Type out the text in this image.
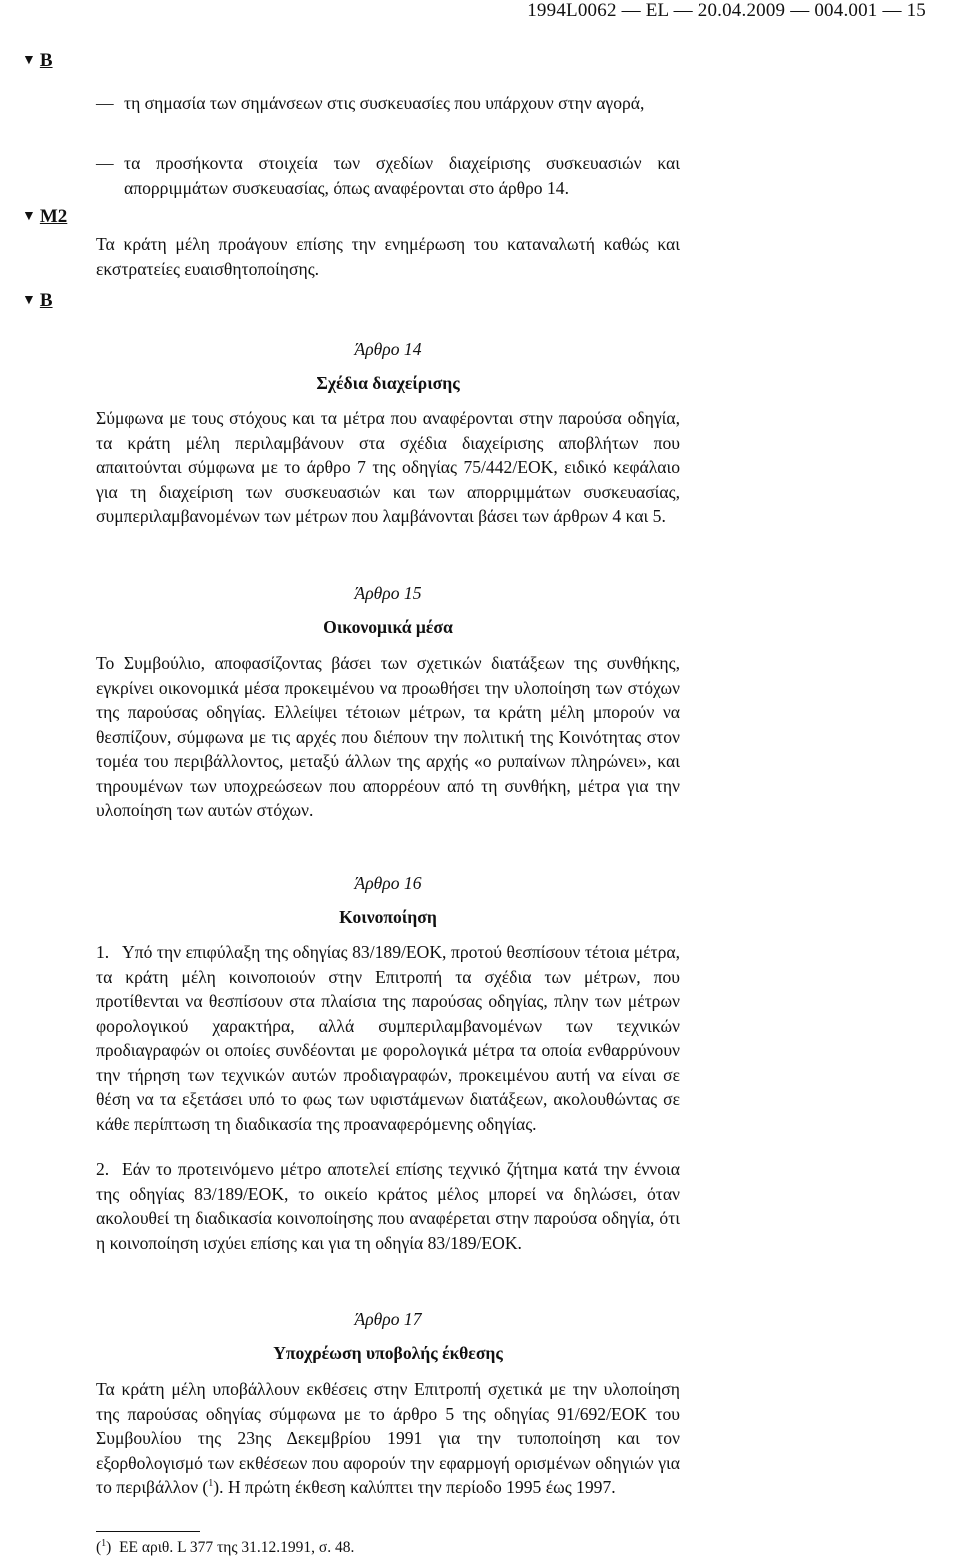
1994L0062 — EL — 20.04.2009 — 004.001 — 15
▼ B
▼ M2
▼ B
— τη σημασία των σημάνσεων στις συσκευασίες που υπάρχουν στην αγορά,
— τα προσήκοντα στοιχεία των σχεδίων διαχείρισης συσκευασιών και απορριμμάτων συσκευασίας, όπως αναφέρονται στο άρθρο 14.
Τα κράτη μέλη προάγουν επίσης την ενημέρωση του καταναλωτή καθώς και εκστρατείες ευαισθητοποίησης.
Άρθρο 14
Σχέδια διαχείρισης
Σύμφωνα με τους στόχους και τα μέτρα που αναφέρονται στην παρούσα οδηγία, τα κράτη μέλη περιλαμβάνουν στα σχέδια διαχείρισης αποβλήτων που απαιτούνται σύμφωνα με το άρθρο 7 της οδηγίας 75/442/ΕΟΚ, ειδικό κεφάλαιο για τη διαχείριση των συσκευασιών και των απορριμμάτων συσκευασίας, συμπεριλαμβανομένων των μέτρων που λαμβάνονται βάσει των άρθρων 4 και 5.
Άρθρο 15
Οικονομικά μέσα
Το Συμβούλιο, αποφασίζοντας βάσει των σχετικών διατάξεων της συνθήκης, εγκρίνει οικονομικά μέσα προκειμένου να προωθήσει την υλοποίηση των στόχων της παρούσας οδηγίας. Ελλείψει τέτοιων μέτρων, τα κράτη μέλη μπορούν να θεσπίζουν, σύμφωνα με τις αρχές που διέπουν την πολιτική της Κοινότητας στον τομέα του περιβάλλοντος, μεταξύ άλλων της αρχής «ο ρυπαίνων πληρώνει», και τηρουμένων των υποχρεώσεων που απορρέουν από τη συνθήκη, μέτρα για την υλοποίηση των αυτών στόχων.
Άρθρο 16
Κοινοποίηση
1. Υπό την επιφύλαξη της οδηγίας 83/189/ΕΟΚ, προτού θεσπίσουν τέτοια μέτρα, τα κράτη μέλη κοινοποιούν στην Επιτροπή τα σχέδια των μέτρων, που προτίθενται να θεσπίσουν στα πλαίσια της παρούσας οδηγίας, πλην των μέτρων φορολογικού χαρακτήρα, αλλά συμπεριλαμβανομένων των τεχνικών προδιαγραφών οι οποίες συνδέονται με φορολογικά μέτρα τα οποία ενθαρρύνουν την τήρηση των τεχνικών αυτών προδιαγραφών, προκειμένου αυτή να είναι σε θέση να τα εξετάσει υπό το φως των υφιστάμενων διατάξεων, ακολουθώντας σε κάθε περίπτωση τη διαδικασία της προαναφερόμενης οδηγίας.
2. Εάν το προτεινόμενο μέτρο αποτελεί επίσης τεχνικό ζήτημα κατά την έννοια της οδηγίας 83/189/ΕΟΚ, το οικείο κράτος μέλος μπορεί να δηλώσει, όταν ακολουθεί τη διαδικασία κοινοποίησης που αναφέρεται στην παρούσα οδηγία, ότι η κοινοποίηση ισχύει επίσης και για τη οδηγία 83/189/ΕΟΚ.
Άρθρο 17
Υποχρέωση υποβολής έκθεσης
Τα κράτη μέλη υποβάλλουν εκθέσεις στην Επιτροπή σχετικά με την υλοποίηση της παρούσας οδηγίας σύμφωνα με το άρθρο 5 της οδηγίας 91/692/ΕΟΚ του Συμβουλίου της 23ης Δεκεμβρίου 1991 για την τυποποίηση και τον εξορθολογισμό των εκθέσεων που αφορούν την εφαρμογή ορισμένων οδηγιών για το περιβάλλον ($^1$). Η πρώτη έκθεση καλύπτει την περίοδο 1995 έως 1997.
($^1$) ΕΕ αριθ. L 377 της 31.12.1991, σ. 48.
